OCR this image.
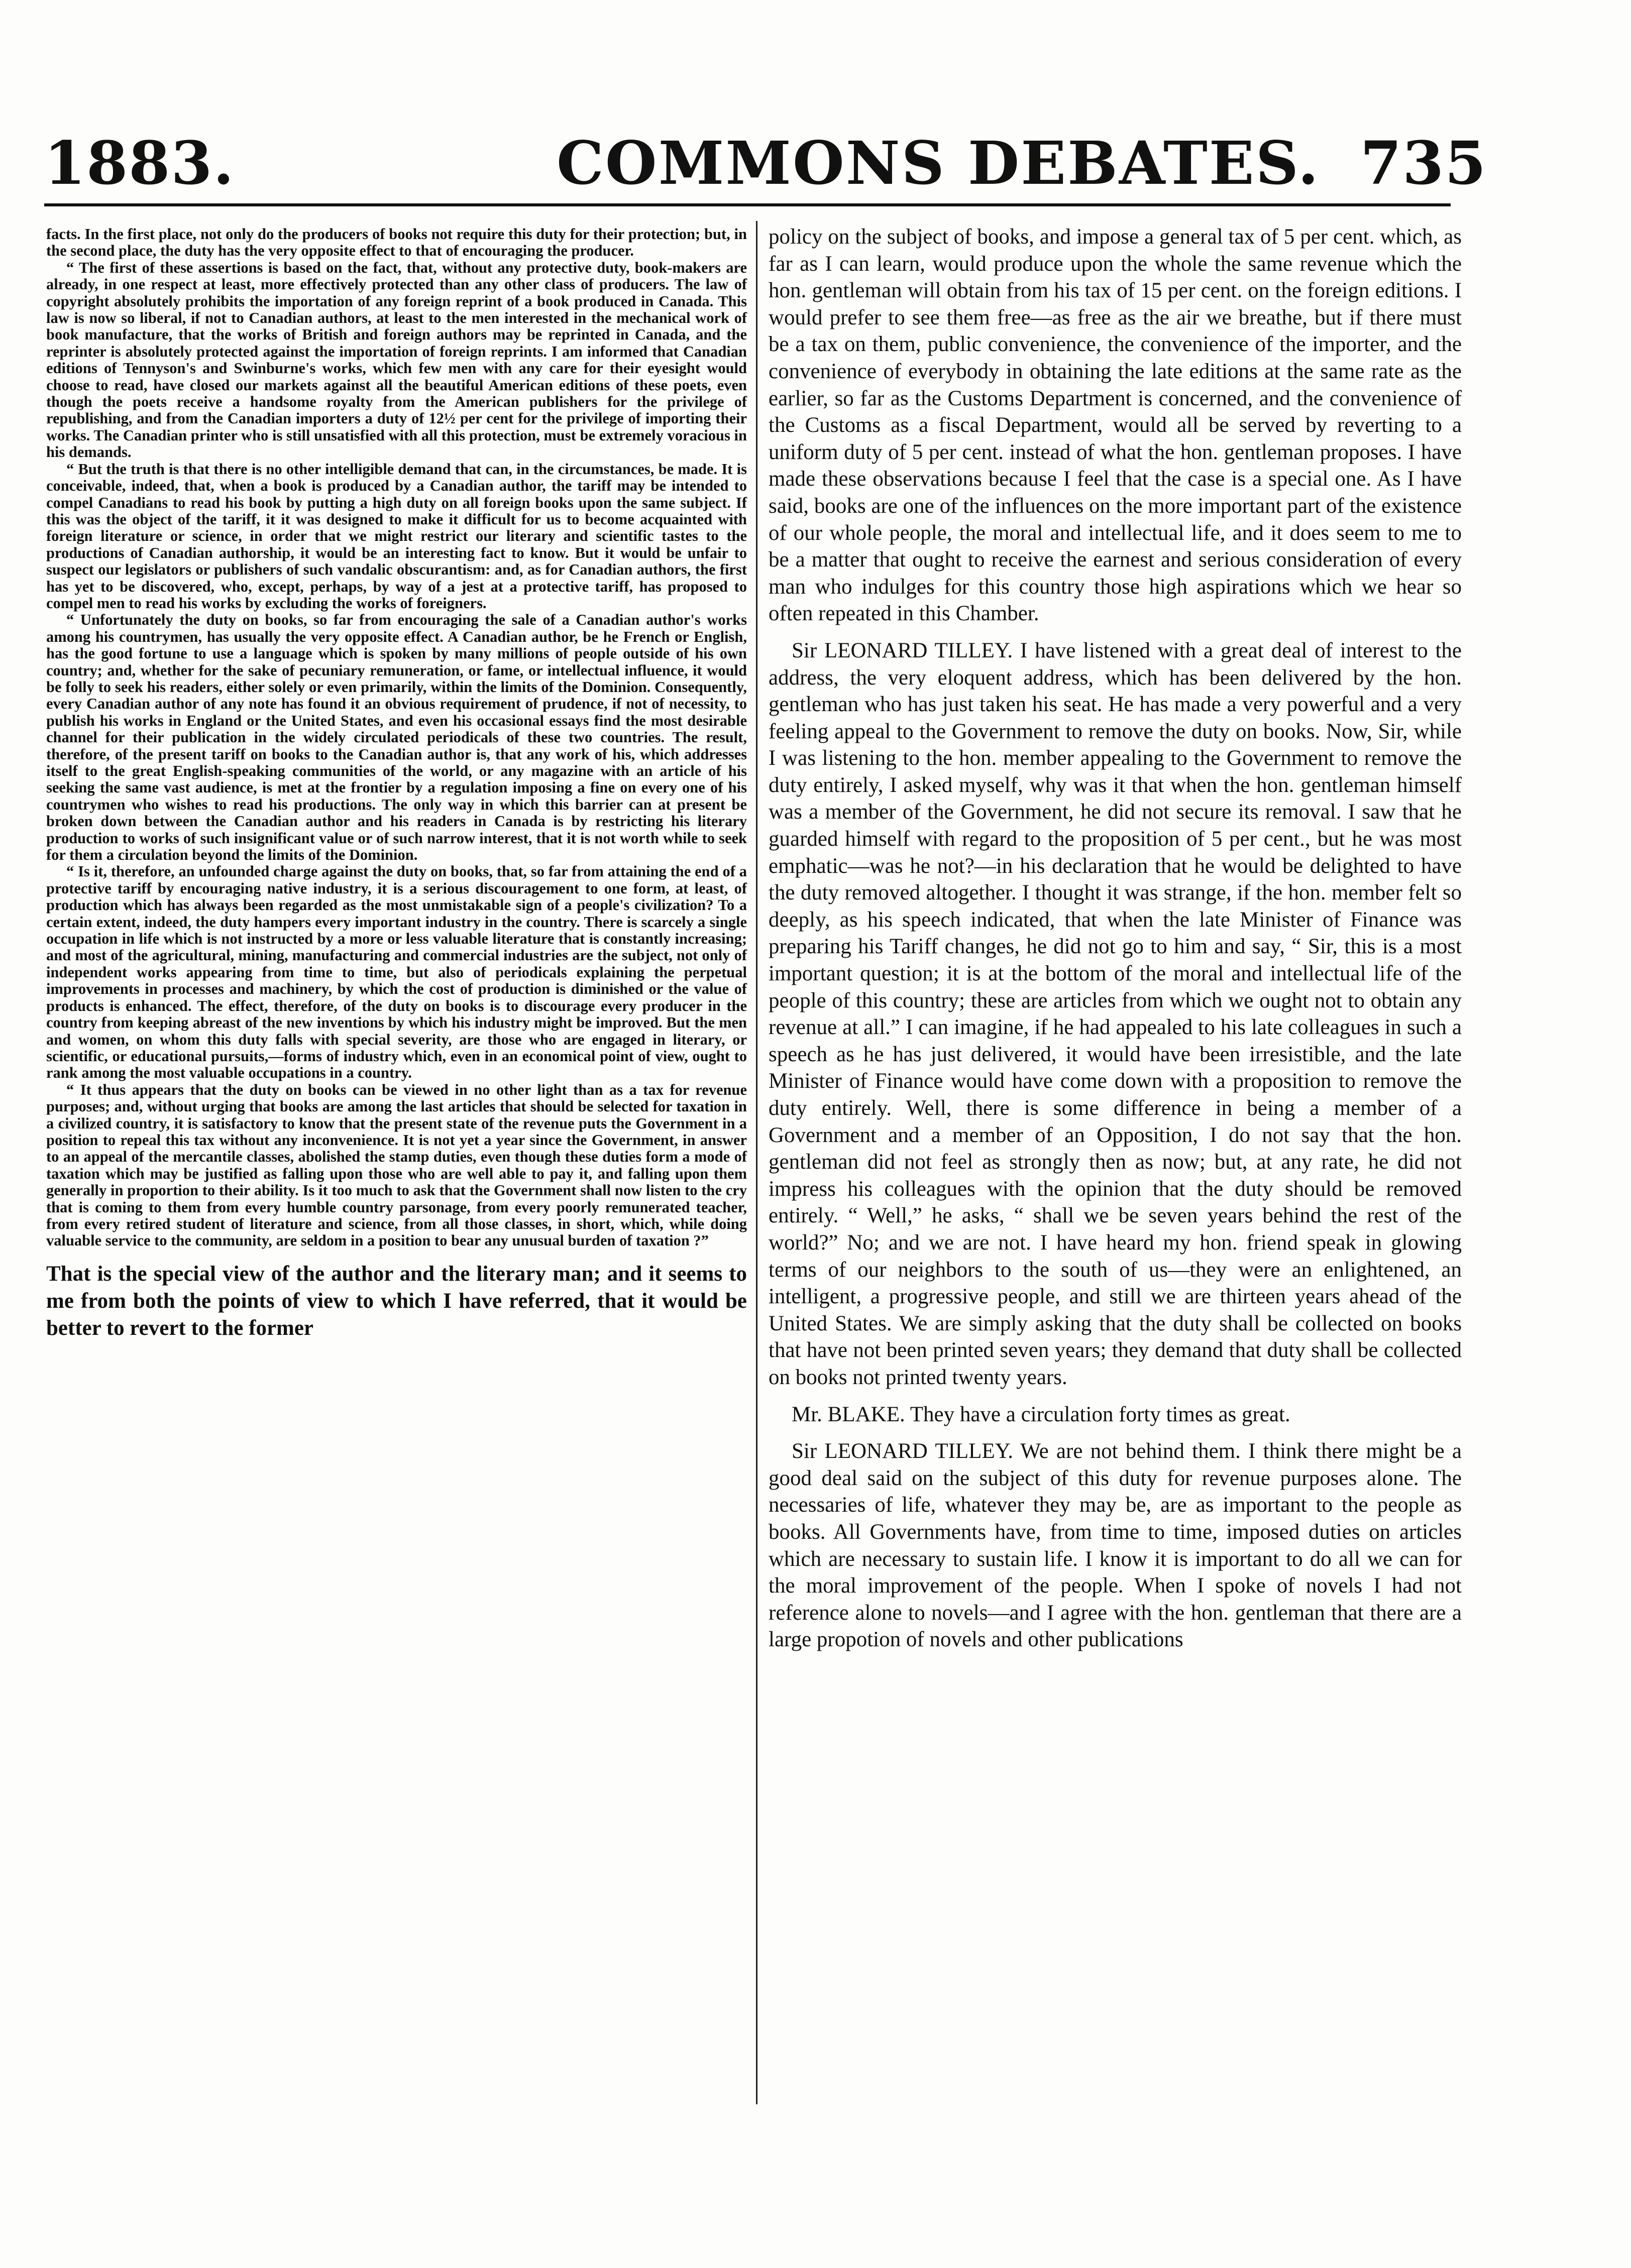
1883.	COMMONS DEBATES. 735

facts. In the first place, not only do the producers of books not require this duty for their protection; but, in the second place, the duty has the very opposite effect to that of encouraging the producer.

“ The first of these assertions is based on the fact, that, without any protective duty, book-makers are already, in one respect at least, more effectively protected than any other class of producers. The law of copyright absolutely prohibits the importation of any foreign reprint of a book produced in Canada. This law is now so liberal, if not to Canadian authors, at least to the men interested in the mechanical work of book manufacture, that the works of British and foreign authors may be reprinted in Canada, and the reprinter is absolutely protected against the importation of foreign reprints. I am informed that Canadian editions of Tennyson's and Swinburne's works, which few men with any care for their eyesight would choose to read, have closed our markets against all the beautiful American editions of these poets, even though the poets receive a handsome royalty from the American publishers for the privilege of republishing, and from the Canadian importers a duty of 12½ per cent for the privilege of importing their works. The Canadian printer who is still unsatisfied with all this protection, must be extremely voracious in his demands.

“ But the truth is that there is no other intelligible demand that can, in the circumstances, be made. It is conceivable, indeed, that, when a book is produced by a Canadian author, the tariff may be intended to compel Canadians to read his book by putting a high duty on all foreign books upon the same subject. If this was the object of the tariff, it it was designed to make it difficult for us to become acquainted with foreign literature or science, in order that we might restrict our literary and scientific tastes to the productions of Canadian authorship, it would be an interesting fact to know. But it would be unfair to suspect our legislators or publishers of such vandalic obscurantism: and, as for Canadian authors, the first has yet to be discovered, who, except, perhaps, by way of a jest at a protective tariff, has proposed to compel men to read his works by excluding the works of foreigners.

“ Unfortunately the duty on books, so far from encouraging the sale of a Canadian author's works among his countrymen, has usually the very opposite effect. A Canadian author, be he French or English, has the good fortune to use a language which is spoken by many millions of people outside of his own country; and, whether for the sake of pecuniary remuneration, or fame, or intellectual influence, it would be folly to seek his readers, either solely or even primarily, within the limits of the Dominion. Consequently, every Canadian author of any note has found it an obvious requirement of prudence, if not of necessity, to publish his works in England or the United States, and even his occasional essays find the most desirable channel for their publication in the widely circulated periodicals of these two countries. The result, therefore, of the present tariff on books to the Canadian author is, that any work of his, which addresses itself to the great English-speaking communities of the world, or any magazine with an article of his seeking the same vast audience, is met at the frontier by a regulation imposing a fine on every one of his countrymen who wishes to read his productions. The only way in which this barrier can at present be broken down between the Canadian author and his readers in Canada is by restricting his literary production to works of such insignificant value or of such narrow interest, that it is not worth while to seek for them a circulation beyond the limits of the Dominion.

“ Is it, therefore, an unfounded charge against the duty on books, that, so far from attaining the end of a protective tariff by encouraging native industry, it is a serious discouragement to one form, at least, of production which has always been regarded as the most unmistakable sign of a people's civilization? To a certain extent, indeed, the duty hampers every important industry in the country. There is scarcely a single occupation in life which is not instructed by a more or less valuable literature that is constantly increasing; and most of the agricultural, mining, manufacturing and commercial industries are the subject, not only of independent works appearing from time to time, but also of periodicals explaining the perpetual improvements in processes and machinery, by which the cost of production is diminished or the value of products is enhanced. The effect, therefore, of the duty on books is to discourage every producer in the country from keeping abreast of the new inventions by which his industry might be improved. But the men and women, on whom this duty falls with special severity, are those who are engaged in literary, or scientific, or educational pursuits,—forms of industry which, even in an economical point of view, ought to rank among the most valuable occupations in a country.

“ It thus appears that the duty on books can be viewed in no other light than as a tax for revenue purposes; and, without urging that books are among the last articles that should be selected for taxation in a civilized country, it is satisfactory to know that the present state of the revenue puts the Government in a position to repeal this tax without any inconvenience. It is not yet a year since the Government, in answer to an appeal of the mercantile classes, abolished the stamp duties, even though these duties form a mode of taxation which may be justified as falling upon those who are well able to pay it, and falling upon them generally in proportion to their ability. Is it too much to ask that the Government shall now listen to the cry that is coming to them from every humble country parsonage, from every poorly remunerated teacher, from every retired student of literature and science, from all those classes, in short, which, while doing valuable service to the community, are seldom in a position to bear any unusual burden of taxation ?”

That is the special view of the author and the literary man; and it seems to me from both the points of view to which I have referred, that it would be better to revert to the former

policy on the subject of books, and impose a general tax of 5 per cent. which, as far as I can learn, would produce upon the whole the same revenue which the hon. gentleman will obtain from his tax of 15 per cent. on the foreign editions. I would prefer to see them free—as free as the air we breathe, but if there must be a tax on them, public convenience, the convenience of the importer, and the convenience of everybody in obtaining the late editions at the same rate as the earlier, so far as the Customs Department is concerned, and the convenience of the Customs as a fiscal Department, would all be served by reverting to a uniform duty of 5 per cent. instead of what the hon. gentleman proposes. I have made these observations because I feel that the case is a special one. As I have said, books are one of the influences on the more important part of the existence of our whole people, the moral and intellectual life, and it does seem to me to be a matter that ought to receive the earnest and serious consideration of every man who indulges for this country those high aspirations which we hear so often repeated in this Chamber.

Sir LEONARD TILLEY. I have listened with a great deal of interest to the address, the very eloquent address, which has been delivered by the hon. gentleman who has just taken his seat. He has made a very powerful and a very feeling appeal to the Government to remove the duty on books. Now, Sir, while I was listening to the hon. member appealing to the Government to remove the duty entirely, I asked myself, why was it that when the hon. gentleman himself was a member of the Government, he did not secure its removal. I saw that he guarded himself with regard to the proposition of 5 per cent., but he was most emphatic—was he not?—in his declaration that he would be delighted to have the duty removed altogether. I thought it was strange, if the hon. member felt so deeply, as his speech indicated, that when the late Minister of Finance was preparing his Tariff changes, he did not go to him and say, “ Sir, this is a most important question; it is at the bottom of the moral and intellectual life of the people of this country; these are articles from which we ought not to obtain any revenue at all.” I can imagine, if he had appealed to his late colleagues in such a speech as he has just delivered, it would have been irresistible, and the late Minister of Finance would have come down with a proposition to remove the duty entirely. Well, there is some difference in being a member of a Government and a member of an Opposition, I do not say that the hon. gentleman did not feel as strongly then as now; but, at any rate, he did not impress his colleagues with the opinion that the duty should be removed entirely. “ Well,” he asks, “ shall we be seven years behind the rest of the world?” No; and we are not. I have heard my hon. friend speak in glowing terms of our neighbors to the south of us—they were an enlightened, an intelligent, a progressive people, and still we are thirteen years ahead of the United States. We are simply asking that the duty shall be collected on books that have not been printed seven years; they demand that duty shall be collected on books not printed twenty years.

Mr. BLAKE. They have a circulation forty times as great.

Sir LEONARD TILLEY. We are not behind them. I think there might be a good deal said on the subject of this duty for revenue purposes alone. The necessaries of life, whatever they may be, are as important to the people as books. All Governments have, from time to time, imposed duties on articles which are necessary to sustain life. I know it is important to do all we can for the moral improvement of the people. When I spoke of novels I had not reference alone to novels—and I agree with the hon. gentleman that there are a large propotion of novels and other publications
